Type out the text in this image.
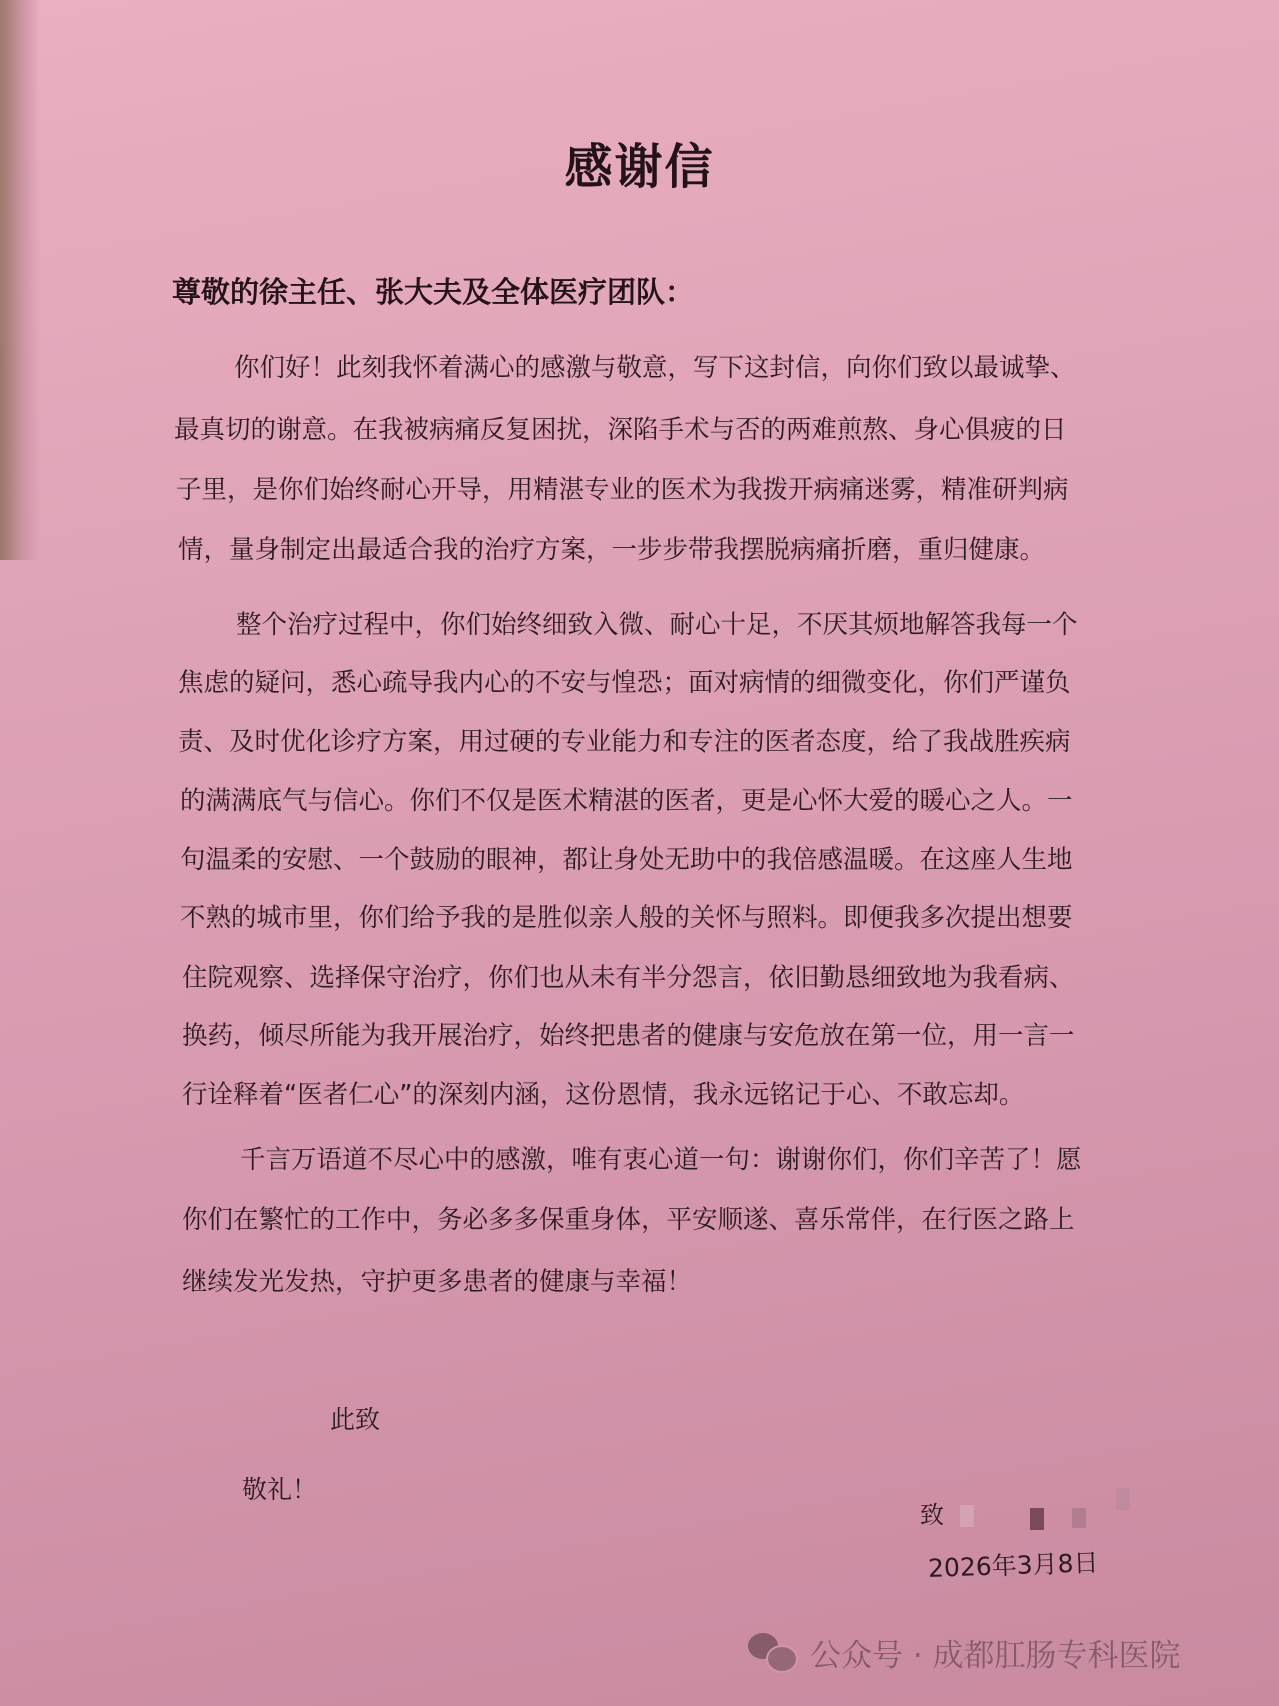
感谢信
尊敬的徐主任、张大夫及全体医疗团队：
你们好！此刻我怀着满心的感激与敬意，写下这封信，向你们致以最诚挚、
最真切的谢意。在我被病痛反复困扰，深陷手术与否的两难煎熬、身心俱疲的日
子里，是你们始终耐心开导，用精湛专业的医术为我拨开病痛迷雾，精准研判病
情，量身制定出最适合我的治疗方案，一步步带我摆脱病痛折磨，重归健康。
整个治疗过程中，你们始终细致入微、耐心十足，不厌其烦地解答我每一个
焦虑的疑问，悉心疏导我内心的不安与惶恐；面对病情的细微变化，你们严谨负
责、及时优化诊疗方案，用过硬的专业能力和专注的医者态度，给了我战胜疾病
的满满底气与信心。你们不仅是医术精湛的医者，更是心怀大爱的暖心之人。一
句温柔的安慰、一个鼓励的眼神，都让身处无助中的我倍感温暖。在这座人生地
不熟的城市里，你们给予我的是胜似亲人般的关怀与照料。即便我多次提出想要
住院观察、选择保守治疗，你们也从未有半分怨言，依旧勤恳细致地为我看病、
换药，倾尽所能为我开展治疗，始终把患者的健康与安危放在第一位，用一言一
行诠释着“医者仁心”的深刻内涵，这份恩情，我永远铭记于心、不敢忘却。
千言万语道不尽心中的感激，唯有衷心道一句：谢谢你们，你们辛苦了！愿
你们在繁忙的工作中，务必多多保重身体，平安顺遂、喜乐常伴，在行医之路上
继续发光发热，守护更多患者的健康与幸福！
此致
敬礼！
致
2026年3月8日
公众号 · 成都肛肠专科医院
